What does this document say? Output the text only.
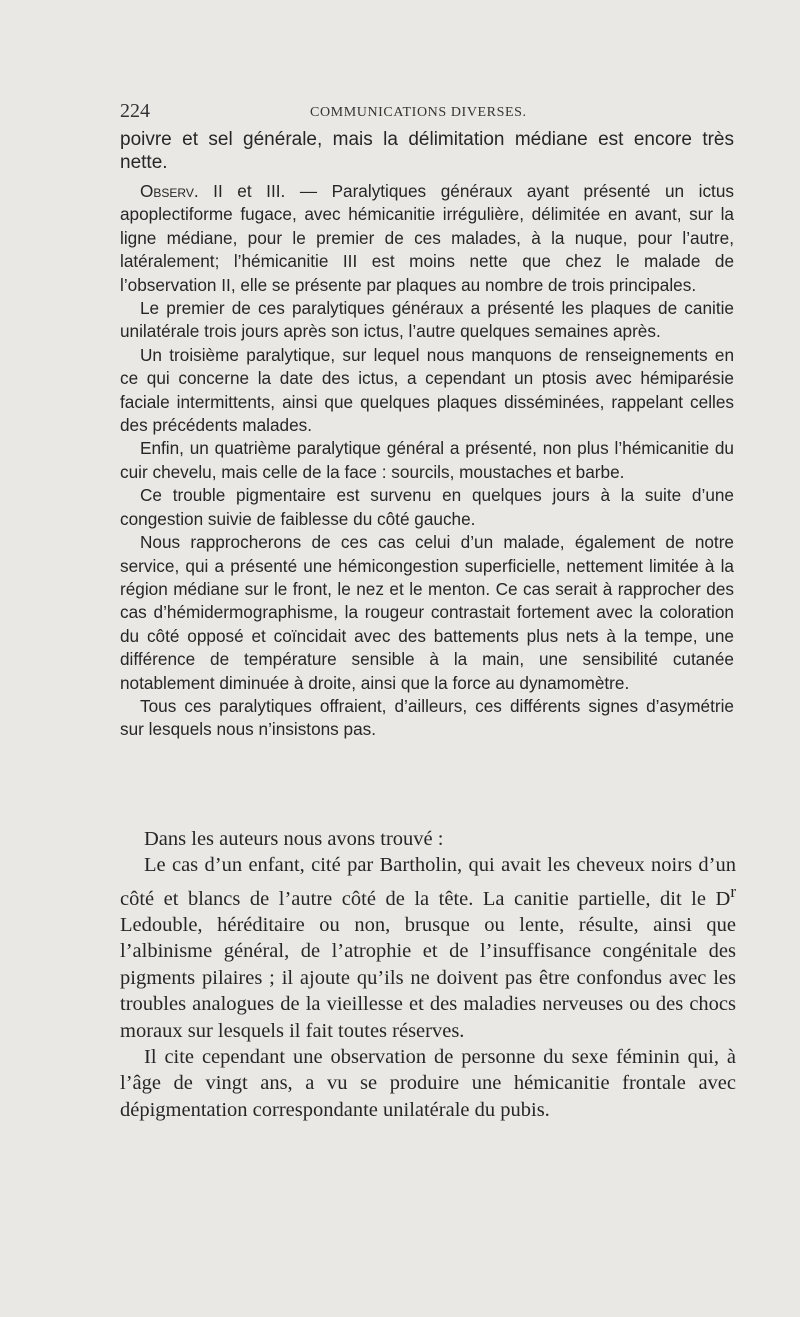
224	COMMUNICATIONS DIVERSES.

poivre et sel générale, mais la délimitation médiane est encore très nette.

Observ. II et III. — Paralytiques généraux ayant présenté un ictus apoplectiforme fugace, avec hémicanitie irrégulière, délimitée en avant, sur la ligne médiane, pour le premier de ces malades, à la nuque, pour l’autre, latéralement; l’hémicanitie III est moins nette que chez le malade de l’observation II, elle se présente par plaques au nombre de trois principales.

Le premier de ces paralytiques généraux a présenté les plaques de canitie unilatérale trois jours après son ictus, l’autre quelques semaines après.

Un troisième paralytique, sur lequel nous manquons de renseignements en ce qui concerne la date des ictus, a cependant un ptosis avec hémiparésie faciale intermittents, ainsi que quelques plaques disséminées, rappelant celles des précédents malades.

Enfin, un quatrième paralytique général a présenté, non plus l’hémicanitie du cuir chevelu, mais celle de la face : sourcils, moustaches et barbe.

Ce trouble pigmentaire est survenu en quelques jours à la suite d’une congestion suivie de faiblesse du côté gauche.

Nous rapprocherons de ces cas celui d’un malade, également de notre service, qui a présenté une hémicongestion superficielle, nettement limitée à la région médiane sur le front, le nez et le menton. Ce cas serait à rapprocher des cas d’hémidermographisme, la rougeur contrastait fortement avec la coloration du côté opposé et coïncidait avec des battements plus nets à la tempe, une différence de température sensible à la main, une sensibilité cutanée notablement diminuée à droite, ainsi que la force au dynamomètre.

Tous ces paralytiques offraient, d’ailleurs, ces différents signes d’asymétrie sur lesquels nous n’insistons pas.

Dans les auteurs nous avons trouvé :

Le cas d’un enfant, cité par Bartholin, qui avait les cheveux noirs d’un côté et blancs de l’autre côté de la tête. La canitie partielle, dit le $D^r$ Ledouble, héréditaire ou non, brusque ou lente, résulte, ainsi que l’albinisme général, de l’atrophie et de l’insuffisance congénitale des pigments pilaires ; il ajoute qu’ils ne doivent pas être confondus avec les troubles analogues de la vieillesse et des maladies nerveuses ou des chocs moraux sur lesquels il fait toutes réserves.

Il cite cependant une observation de personne du sexe féminin qui, à l’âge de vingt ans, a vu se produire une hémicanitie frontale avec dépigmentation correspondante unilatérale du pubis.
